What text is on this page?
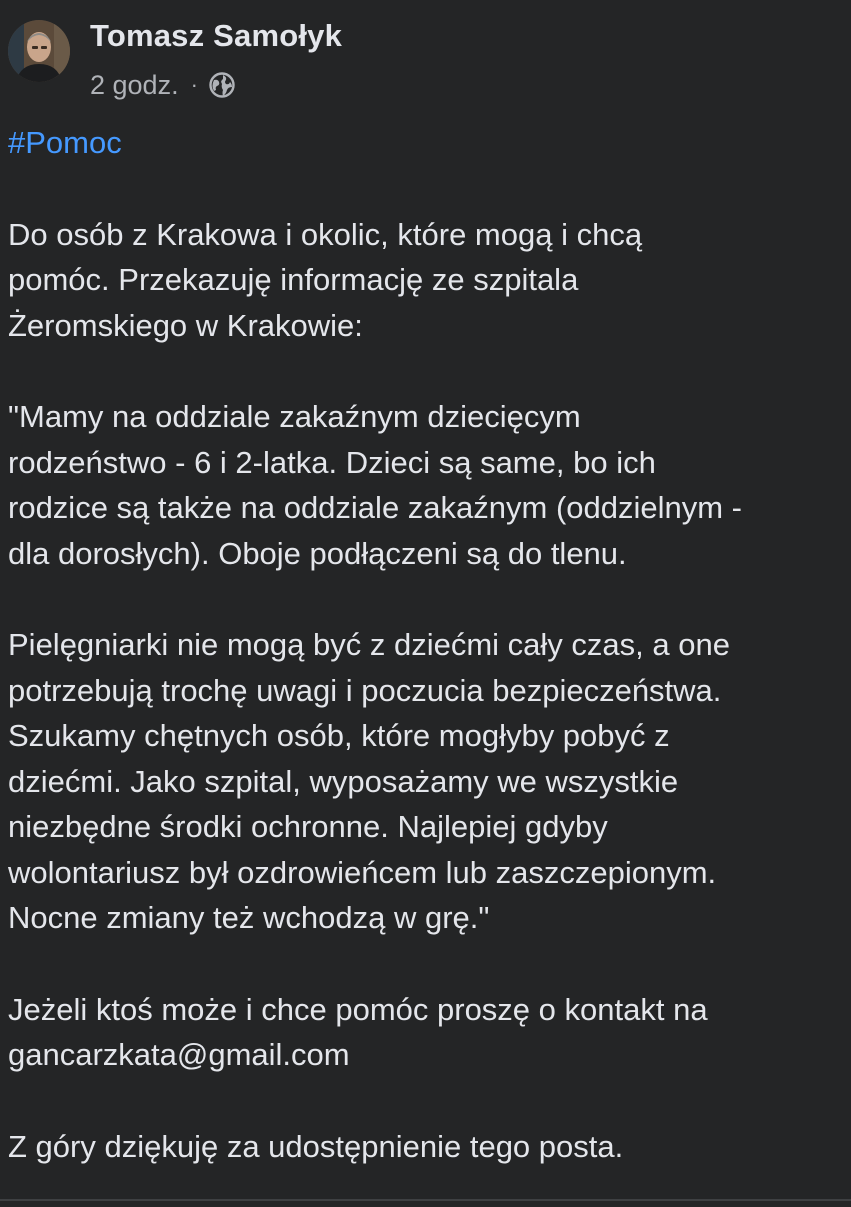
Tomasz Samołyk
2 godz. ·

#Pomoc

Do osób z Krakowa i okolic, które mogą i chcą
pomóc. Przekazuję informację ze szpitala
Żeromskiego w Krakowie:

"Mamy na oddziale zakaźnym dziecięcym
rodzeństwo - 6 i 2-latka. Dzieci są same, bo ich
rodzice są także na oddziale zakaźnym (oddzielnym -
dla dorosłych). Oboje podłączeni są do tlenu.

Pielęgniarki nie mogą być z dziećmi cały czas, a one
potrzebują trochę uwagi i poczucia bezpieczeństwa.
Szukamy chętnych osób, które mogłyby pobyć z
dziećmi. Jako szpital, wyposażamy we wszystkie
niezbędne środki ochronne. Najlepiej gdyby
wolontariusz był ozdrowieńcem lub zaszczepionym.
Nocne zmiany też wchodzą w grę."

Jeżeli ktoś może i chce pomóc proszę o kontakt na
gancarzkata@gmail.com

Z góry dziękuję za udostępnienie tego posta.
